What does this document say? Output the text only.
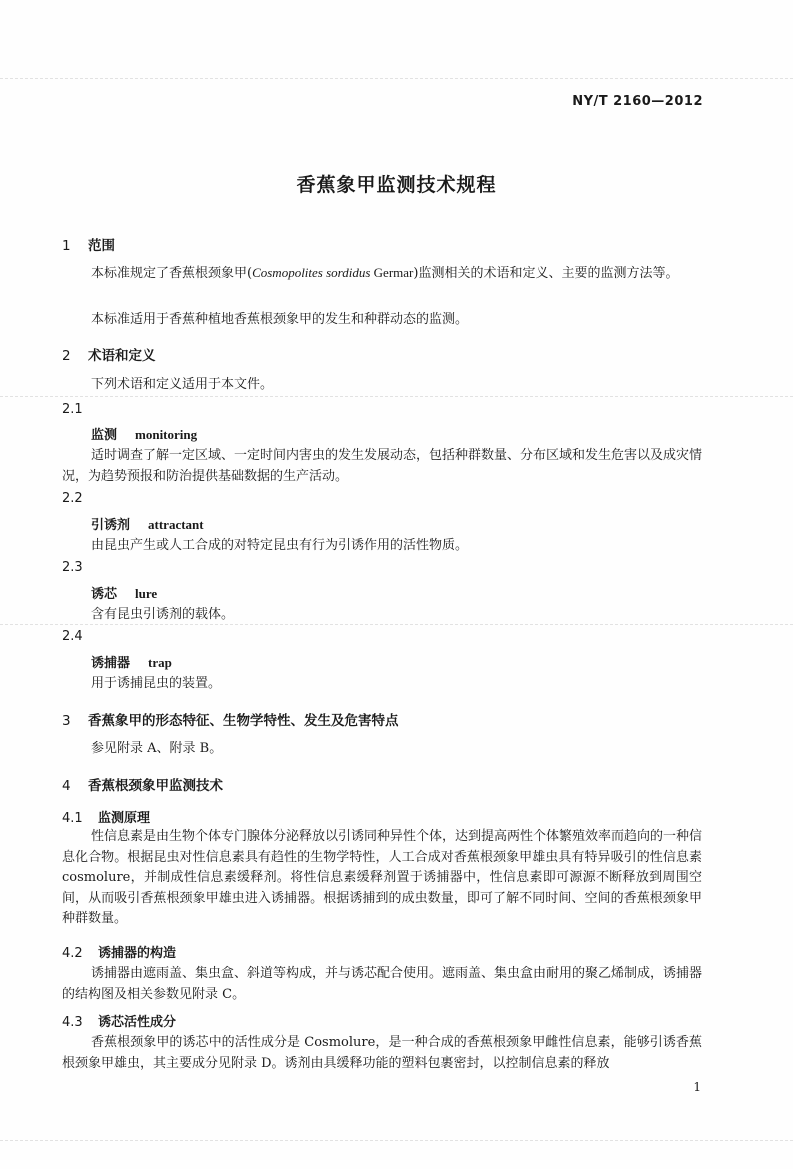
NY/T 2160—2012
香蕉象甲监测技术规程
1 范围

本标准规定了香蕉根颈象甲(Cosmopolites sordidus Germar)监测相关的术语和定义、主要的监测方法等。

本标准适用于香蕉种植地香蕉根颈象甲的发生和种群动态的监测。

2 术语和定义

下列术语和定义适用于本文件。

2.1
监测 monitoring

适时调查了解一定区域、一定时间内害虫的发生发展动态，包括种群数量、分布区域和发生危害以及成灾情况，为趋势预报和防治提供基础数据的生产活动。

2.2
引诱剂 attractant

由昆虫产生或人工合成的对特定昆虫有行为引诱作用的活性物质。

2.3
诱芯 lure

含有昆虫引诱剂的载体。

2.4
诱捕器 trap

用于诱捕昆虫的装置。

3 香蕉象甲的形态特征、生物学特性、发生及危害特点

参见附录 A、附录 B。

4 香蕉根颈象甲监测技术
4.1 监测原理

性信息素是由生物个体专门腺体分泌释放以引诱同种异性个体，达到提高两性个体繁殖效率而趋向的一种信息化合物。根据昆虫对性信息素具有趋性的生物学特性，人工合成对香蕉根颈象甲雄虫具有特异吸引的性信息素 cosmolure，并制成性信息素缓释剂。将性信息素缓释剂置于诱捕器中，性信息素即可源源不断释放到周围空间，从而吸引香蕉根颈象甲雄虫进入诱捕器。根据诱捕到的成虫数量，即可了解不同时间、空间的香蕉根颈象甲种群数量。

4.2 诱捕器的构造

诱捕器由遮雨盖、集虫盒、斜道等构成，并与诱芯配合使用。遮雨盖、集虫盒由耐用的聚乙烯制成，诱捕器的结构图及相关参数见附录 C。

4.3 诱芯活性成分

香蕉根颈象甲的诱芯中的活性成分是 Cosmolure，是一种合成的香蕉根颈象甲雌性信息素，能够引诱香蕉根颈象甲雄虫，其主要成分见附录 D。诱剂由具缓释功能的塑料包裹密封，以控制信息素的释放

1
